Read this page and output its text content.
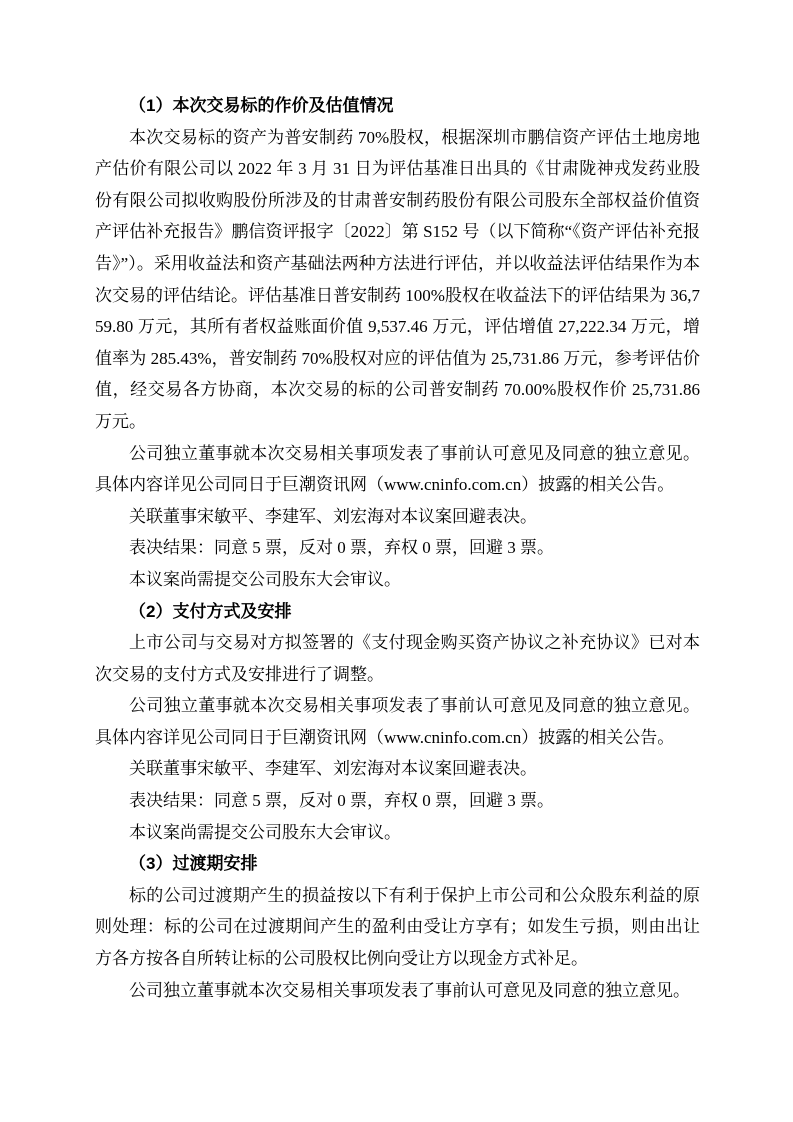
（1）本次交易标的作价及估值情况

本次交易标的资产为普安制药 70%股权，根据深圳市鹏信资产评估土地房地产估价有限公司以 2022 年 3 月 31 日为评估基准日出具的《甘肃陇神戎发药业股份有限公司拟收购股份所涉及的甘肃普安制药股份有限公司股东全部权益价值资产评估补充报告》鹏信资评报字〔2022〕第 S152 号（以下简称“《资产评估补充报告》”）。采用收益法和资产基础法两种方法进行评估，并以收益法评估结果作为本次交易的评估结论。评估基准日普安制药 100%股权在收益法下的评估结果为 36,759.80 万元，其所有者权益账面价值 9,537.46 万元，评估增值 27,222.34 万元，增值率为 285.43%，普安制药 70%股权对应的评估值为 25,731.86 万元，参考评估价值，经交易各方协商，本次交易的标的公司普安制药 70.00%股权作价 25,731.86 万元。

公司独立董事就本次交易相关事项发表了事前认可意见及同意的独立意见。具体内容详见公司同日于巨潮资讯网（www.cninfo.com.cn）披露的相关公告。

关联董事宋敏平、李建军、刘宏海对本议案回避表决。

表决结果：同意 5 票，反对 0 票，弃权 0 票，回避 3 票。

本议案尚需提交公司股东大会审议。

（2）支付方式及安排

上市公司与交易对方拟签署的《支付现金购买资产协议之补充协议》已对本次交易的支付方式及安排进行了调整。

公司独立董事就本次交易相关事项发表了事前认可意见及同意的独立意见。具体内容详见公司同日于巨潮资讯网（www.cninfo.com.cn）披露的相关公告。

关联董事宋敏平、李建军、刘宏海对本议案回避表决。

表决结果：同意 5 票，反对 0 票，弃权 0 票，回避 3 票。

本议案尚需提交公司股东大会审议。

（3）过渡期安排

标的公司过渡期产生的损益按以下有利于保护上市公司和公众股东利益的原则处理：标的公司在过渡期间产生的盈利由受让方享有；如发生亏损，则由出让方各方按各自所转让标的公司股权比例向受让方以现金方式补足。

公司独立董事就本次交易相关事项发表了事前认可意见及同意的独立意见。
